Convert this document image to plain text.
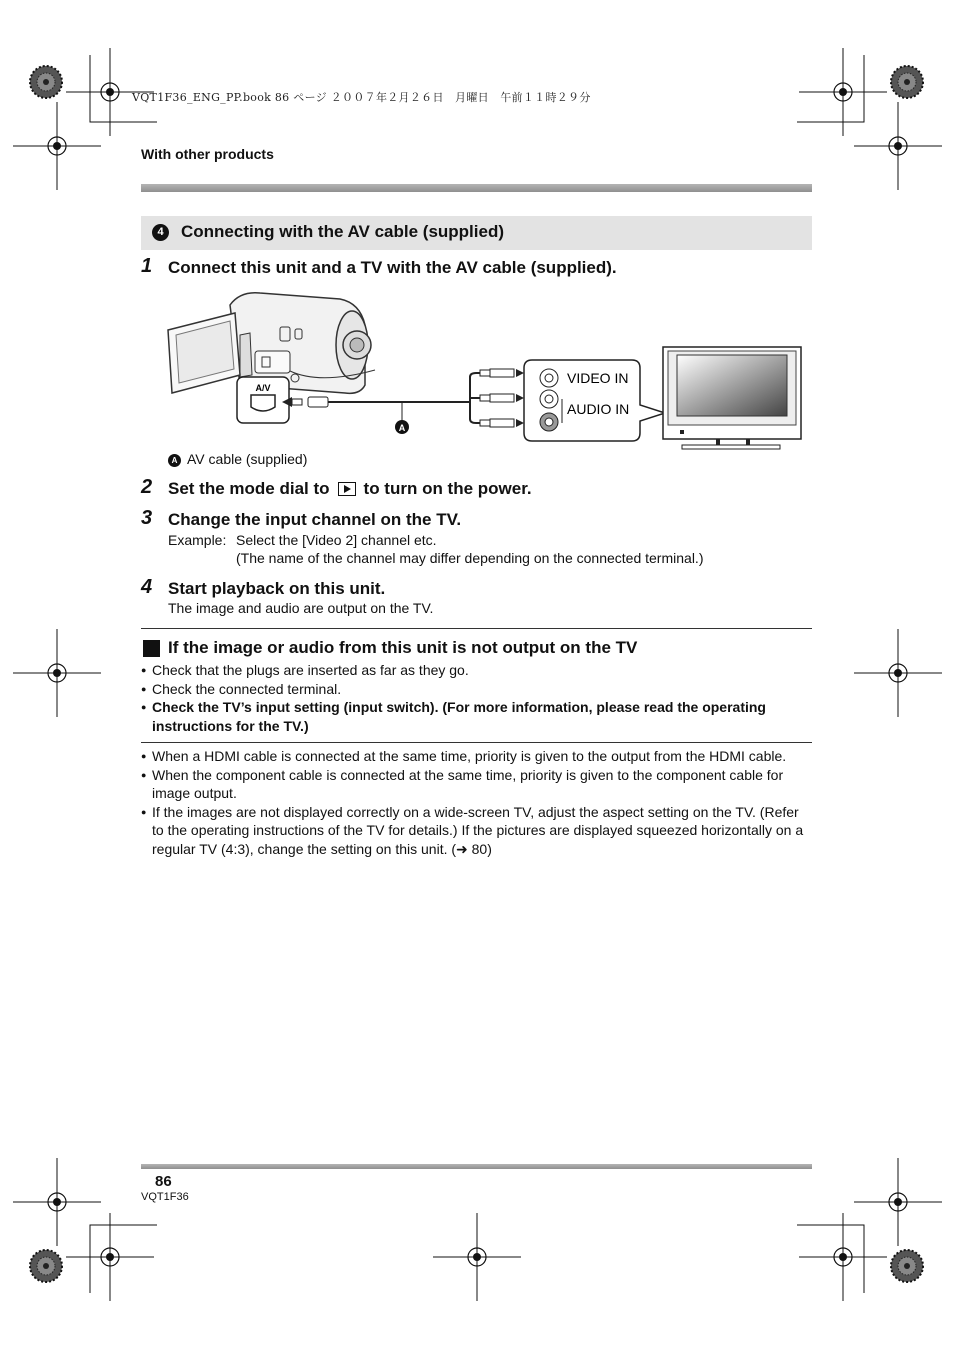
VQT1F36_ENG_PP.book 86 ページ ２００７年２月２６日　月曜日　午前１１時２９分
With other products
4	Connecting with the AV cable (supplied)
1 Connect this unit and a TV with the AV cable (supplied).
A/V
A
VIDEO IN
AUDIO IN
A AV cable (supplied)
2 Set the mode dial to to turn on the power.
3 Change the input channel on the TV.
Example: Select the [Video 2] channel etc.
(The name of the channel may differ depending on the connected terminal.)
4 Start playback on this unit.
The image and audio are output on the TV.
If the image or audio from this unit is not output on the TV
● Check that the plugs are inserted as far as they go.
● Check the connected terminal.
● Check the TV’s input setting (input switch). (For more information, please read the operating instructions for the TV.)
● When a HDMI cable is connected at the same time, priority is given to the output from the HDMI cable.
● When the component cable is connected at the same time, priority is given to the component cable for image output.
● If the images are not displayed correctly on a wide-screen TV, adjust the aspect setting on the TV. (Refer to the operating instructions of the TV for details.) If the pictures are displayed squeezed horizontally on a regular TV (4:3), change the setting on this unit. (➜ 80)
86
VQT1F36
